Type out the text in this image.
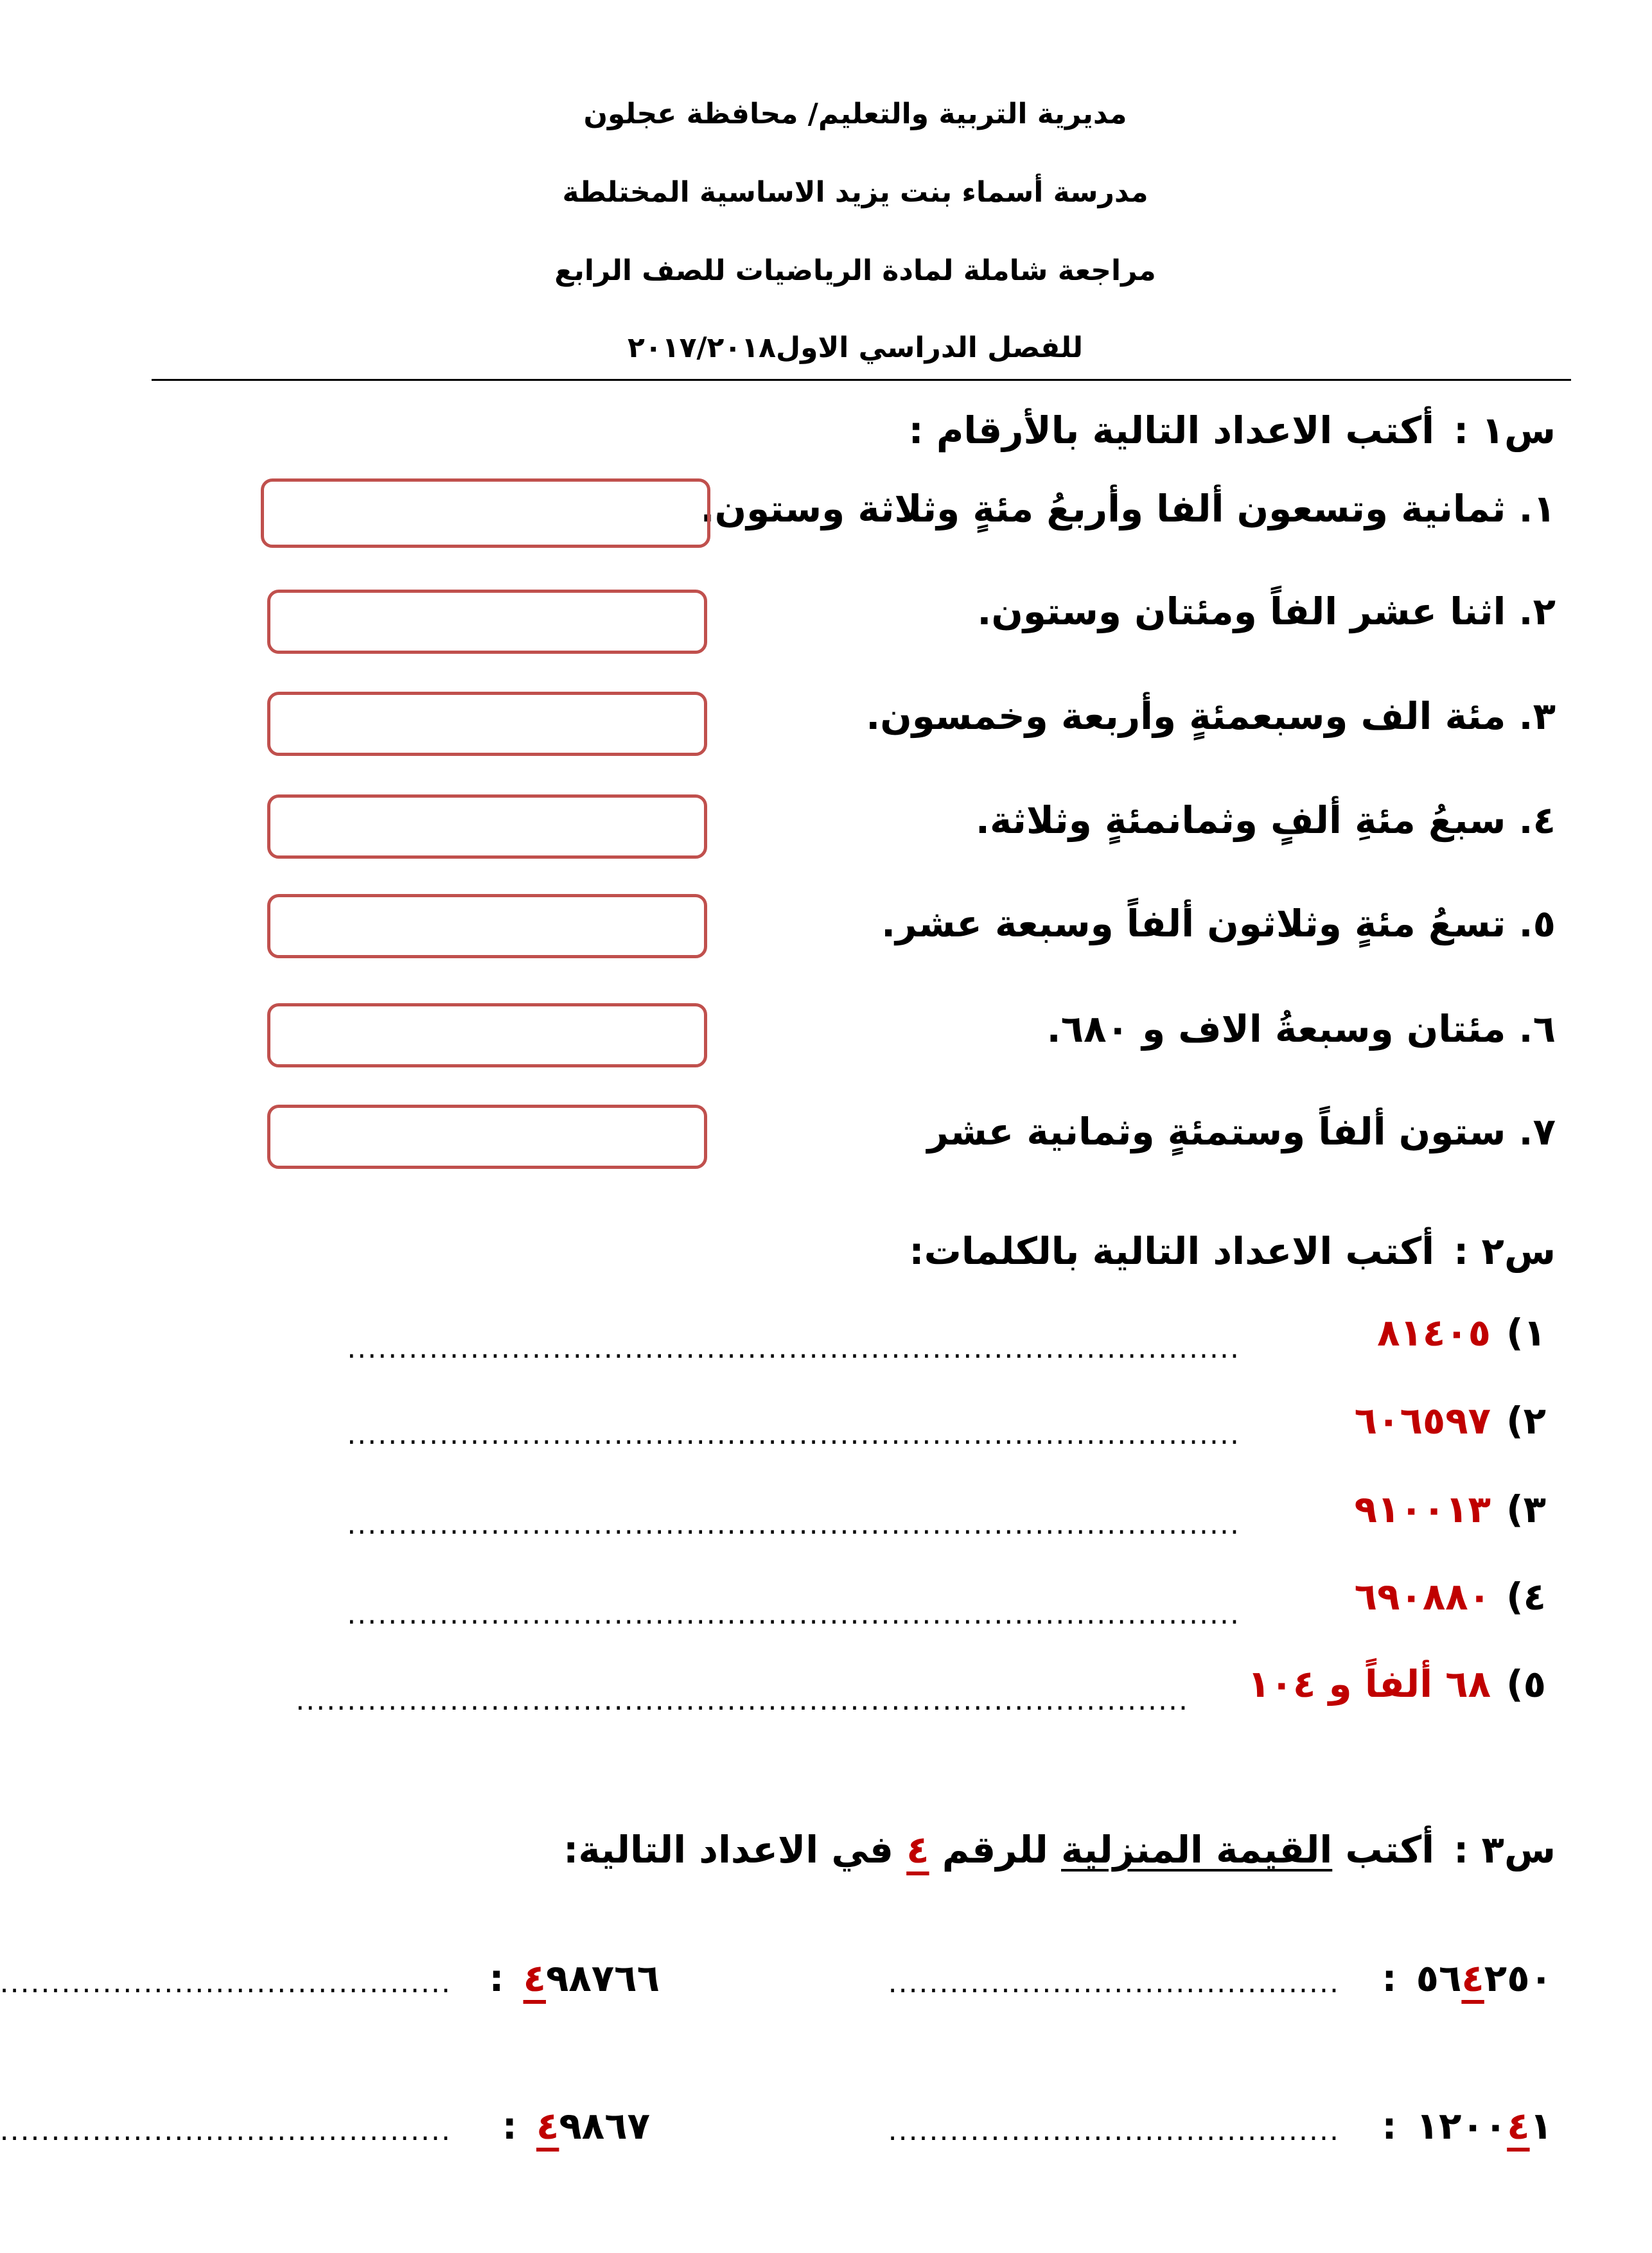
مديرية التربية والتعليم/ محافظة عجلون
مدرسة أسماء بنت يزيد الاساسية المختلطة
مراجعة شاملة لمادة الرياضيات للصف الرابع
للفصل الدراسي الاول٢٠١٧/٢٠١٨
س١ :أكتب الاعداد التالية بالأرقام :
١. ثمانية وتسعون ألفا وأربعُ مئةٍ وثلاثة وستون.
٢. اثنا عشر الفاً ومئتان وستون.
٣. مئة الف وسبعمئةٍ وأربعة وخمسون.
٤. سبعُ مئةِ ألفٍ وثمانمئةٍ وثلاثة.
٥. تسعُ مئةٍ وثلاثون ألفاً وسبعة عشر.
٦. مئتان وسبعةُ الاف و ٦٨٠.
٧. ستون ألفاً وستمئةٍ وثمانية عشر
س٢ :أكتب الاعداد التالية بالكلمات:
١)٨١٤٠٥
.......................................................................................
٢)٦٠٦٥٩٧
.......................................................................................
٣)٩١٠٠١٣
.......................................................................................
٤)٦٩٠٨٨٠
.......................................................................................
٥)٦٨ ألفاً و ١٠٤
.......................................................................................
س٣ :أكتب القيمة المنزلية للرقم ٤ في الاعداد التالية:
٥٦٤٢٥٠:
............................................
٤٩٨٧٦٦:
............................................
١٢٠٠٤١:
............................................
٤٩٨٦٧:
............................................
